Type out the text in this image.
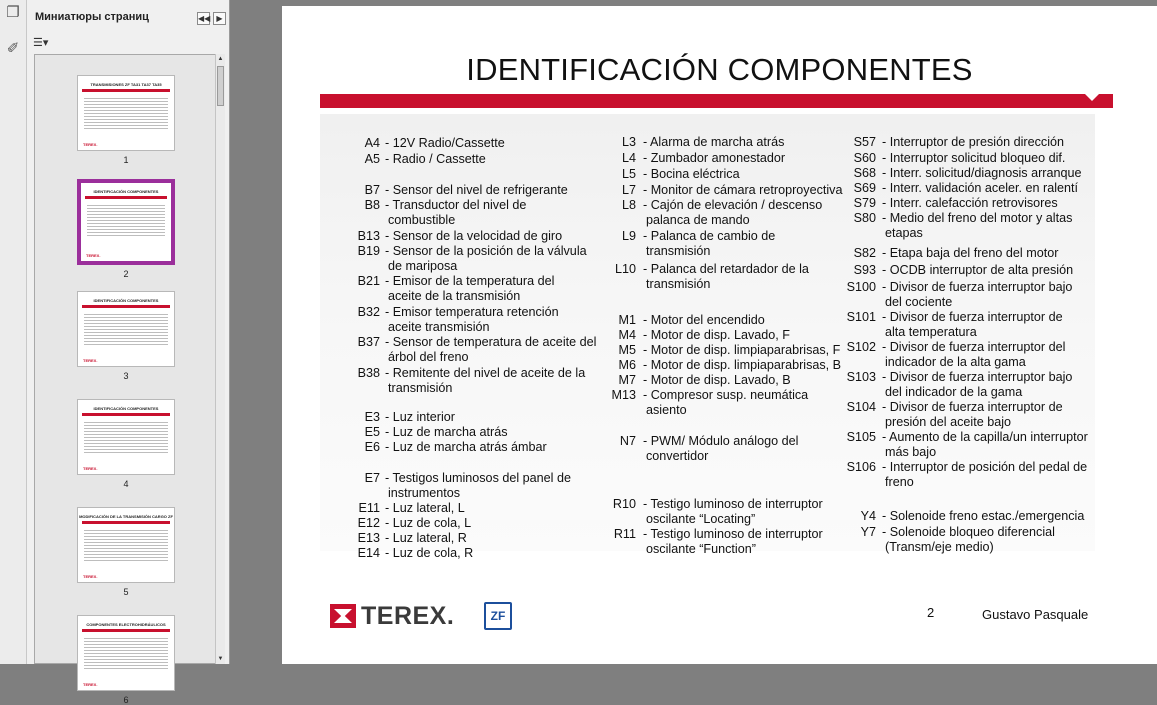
❐
✐
Миниатюры страниц	◀◀ ▶
☰▾
TRANSMISIONES ZF TA31 TA37 TA35
TEREX.
1
IDENTIFICACIÓN COMPONENTES
TEREX.
2
IDENTIFICACIÓN COMPONENTES
TEREX.
3
IDENTIFICACIÓN COMPONENTES
TEREX.
4
MODIFICACIÓN DE LA TRANSMISIÓN CARGO ZF
TEREX.
5
COMPONENTES ELECTROHIDRÁULICOS
TEREX.
6
▲
▼
IDENTIFICACIÓN COMPONENTES
A4 - 12V Radio/Cassette
A5 - Radio / Cassette
B7 - Sensor del nivel de refrigerante
B8 - Transductor del nivel de
combustible
B13 - Sensor de la velocidad de giro
B19 - Sensor de la posición de la válvula
de mariposa
B21 - Emisor de la temperatura del
aceite de la transmisión
B32 - Emisor temperatura retención
aceite transmisión
B37 - Sensor de temperatura de aceite del
árbol del freno
B38 - Remitente del nivel de aceite de la
transmisión
E3 - Luz interior
E5 - Luz de marcha atrás
E6 - Luz de marcha atrás ámbar
E7 - Testigos luminosos del panel de
instrumentos
E11 - Luz lateral, L
E12 - Luz de cola, L
E13 - Luz lateral, R
E14 - Luz de cola, R
L3 - Alarma de marcha atrás
L4 - Zumbador amonestador
L5 - Bocina eléctrica
L7 - Monitor de cámara retroproyectiva
L8 - Cajón de elevación / descenso
palanca de mando
L9 - Palanca de cambio de
transmisión
L10 - Palanca del retardador de la
transmisión
M1 - Motor del encendido
M4 - Motor de disp. Lavado, F
M5 - Motor de disp. limpiaparabrisas, F
M6 - Motor de disp. limpiaparabrisas, B
M7 - Motor de disp. Lavado, B
M13 - Compresor susp. neumática
asiento
N7 - PWM/ Módulo análogo del
convertidor
R10 - Testigo luminoso de interruptor
oscilante “Locating”
R11 - Testigo luminoso de interruptor
oscilante “Function”
S57 - Interruptor de presión dirección
S60 - Interruptor solicitud bloqueo dif.
S68 - Interr. solicitud/diagnosis arranque
S69 - Interr. validación aceler. en ralentí
S79 - Interr. calefacción retrovisores
S80 - Medio del freno del motor y altas
etapas
S82 - Etapa baja del freno del motor
S93 - OCDB interruptor de alta presión
S100 - Divisor de fuerza interruptor bajo
del cociente
S101 - Divisor de fuerza interruptor de
alta temperatura
S102 - Divisor de fuerza interruptor del
indicador de la alta gama
S103 - Divisor de fuerza interruptor bajo
del indicador de la gama
S104 - Divisor de fuerza interruptor de
presión del aceite bajo
S105 - Aumento de la capilla/un interruptor
más bajo
S106 - Interruptor de posición del pedal de
freno
Y4 - Solenoide freno estac./emergencia
Y7 - Solenoide bloqueo diferencial
(Transm/eje medio)
TEREX.	ZF	2	Gustavo Pasquale
